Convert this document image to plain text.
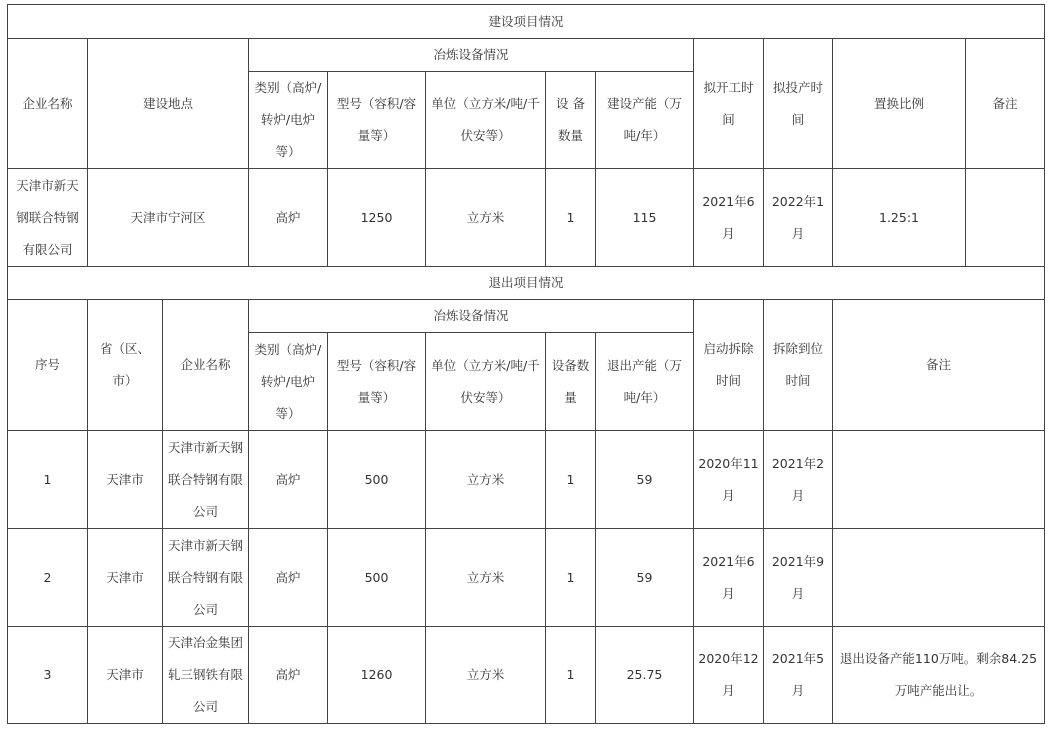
建设项目情况											
企业名称	建设地点		冶炼设备情况					拟开工时间	拟投产时间	置换比例	备注
			类别（高炉/转炉/电炉等）	型号（容积/容量等）	单位（立方米/吨/千伏安等）	设 备数量	建设产能（万吨/年）				
天津市新天钢联合特钢有限公司	天津市宁河区		高炉	1250	立方米	1	115	2021年6月	2022年1月	1.25:1	
退出项目情况											
序号	省（区、市）	企业名称	冶炼设备情况					启动拆除时间	拆除到位时间	备注	
			类别（高炉/转炉/电炉等）	型号（容积/容量等）	单位（立方米/吨/千伏安等）	设备数量	退出产能（万吨/年）				
1	天津市	天津市新天钢联合特钢有限公司	高炉	500	立方米	1	59	2020年11月	2021年2月		
2	天津市	天津市新天钢联合特钢有限公司	高炉	500	立方米	1	59	2021年6月	2021年9月		
3	天津市	天津冶金集团轧三钢铁有限公司	高炉	1260	立方米	1	25.75	2020年12月	2021年5月	退出设备产能110万吨。剩余84.25万吨产能出让。	
